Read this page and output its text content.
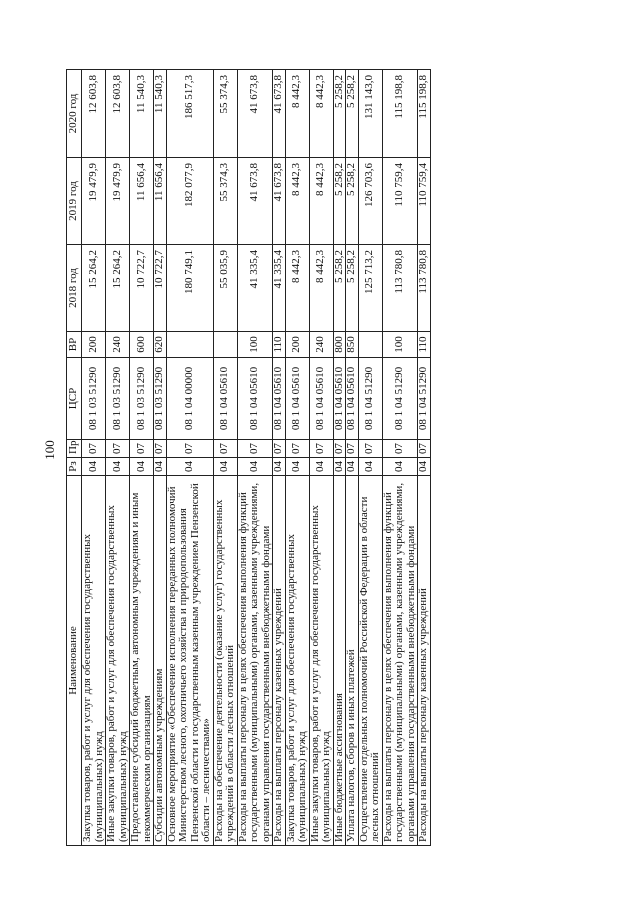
100
Наименование	Рз	Пр	ЦСР	ВР	2018 год	2019 год	2020 год
Закупка товаров, работ и услуг для обеспечения государственных (муниципальных) нужд	04	07	08 1 03 51290	200	15 264,2	19 479,9	12 603,8
Иные закупки товаров, работ и услуг для обеспечения государственных (муниципальных) нужд	04	07	08 1 03 51290	240	15 264,2	19 479,9	12 603,8
Предоставление субсидий бюджетным, автономным учреждениям и иным некоммерческим организациям	04	07	08 1 03 51290	600	10 722,7	11 656,4	11 540,3
Субсидии автономным учреждениям	04	07	08 1 03 51290	620	10 722,7	11 656,4	11 540,3
Основное мероприятие «Обеспечение исполнения переданных полномочий Министерством лесного, охотничьего хозяйства и природопользования Пензенской области и государственным казенным учреждением Пензенской области – лесничествами»	04	07	08 1 04 00000		180 749,1	182 077,9	186 517,3
Расходы на обеспечение деятельности (оказание услуг) государственных учреждений в области лесных отношений	04	07	08 1 04 05610		55 035,9	55 374,3	55 374,3
Расходы на выплаты персоналу в целях обеспечения выполнения функций государственными (муниципальными) органами, казенными учреждениями, органами управления государственными внебюджетными фондами	04	07	08 1 04 05610	100	41 335,4	41 673,8	41 673,8
Расходы на выплаты персоналу казенных учреждений	04	07	08 1 04 05610	110	41 335,4	41 673,8	41 673,8
Закупка товаров, работ и услуг для обеспечения государственных (муниципальных) нужд	04	07	08 1 04 05610	200	8 442,3	8 442,3	8 442,3
Иные закупки товаров, работ и услуг для обеспечения государственных (муниципальных) нужд	04	07	08 1 04 05610	240	8 442,3	8 442,3	8 442,3
Иные бюджетные ассигнования	04	07	08 1 04 05610	800	5 258,2	5 258,2	5 258,2
Уплата налогов, сборов и иных платежей	04	07	08 1 04 05610	850	5 258,2	5 258,2	5 258,2
Осуществление отдельных полномочий Российской Федерации в области лесных отношений	04	07	08 1 04 51290		125 713,2	126 703,6	131 143,0
Расходы на выплаты персоналу в целях обеспечения выполнения функций государственными (муниципальными) органами, казенными учреждениями, органами управления государственными внебюджетными фондами	04	07	08 1 04 51290	100	113 780,8	110 759,4	115 198,8
Расходы на выплаты персоналу казенных учреждений	04	07	08 1 04 51290	110	113 780,8	110 759,4	115 198,8
